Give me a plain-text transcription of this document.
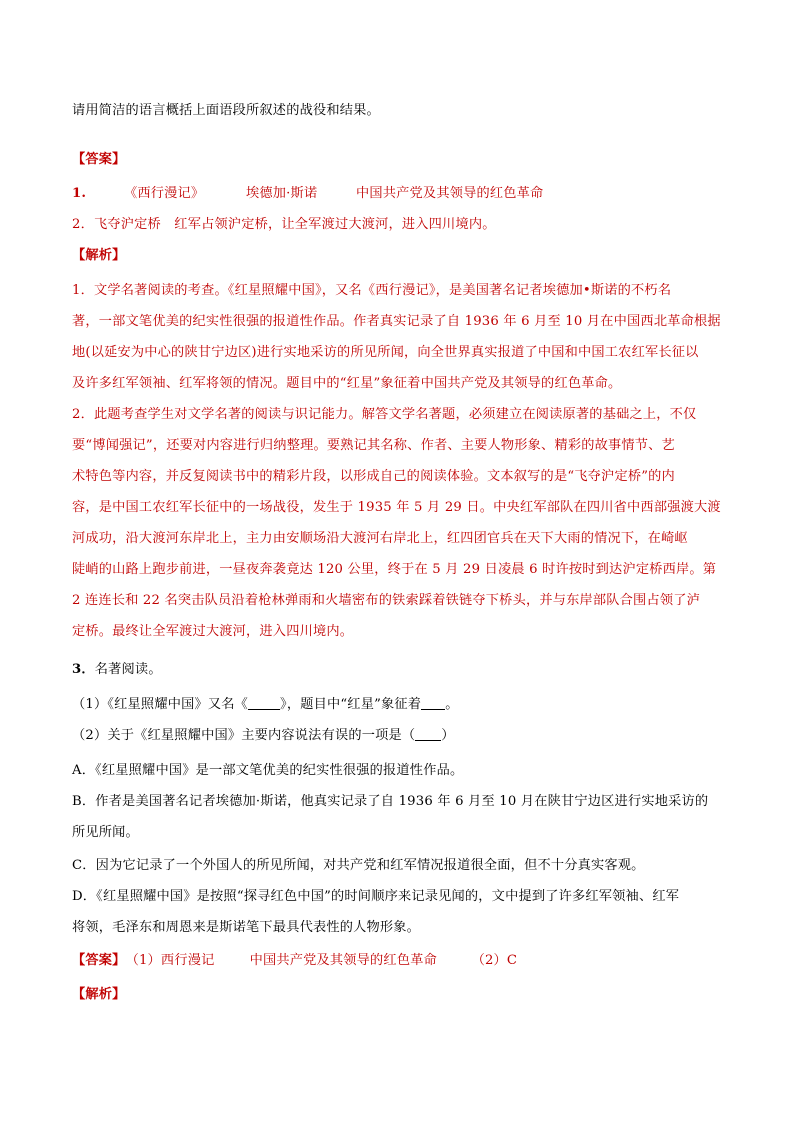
请用简洁的语言概括上面语段所叙述的战役和结果。
【答案】
1.	《西行漫记》	埃德加·斯诺	中国共产党及其领导的红色革命
2．飞夺沪定桥　红军占领沪定桥，让全军渡过大渡河，进入四川境内。
【解析】
1．文学名著阅读的考查。《红星照耀中国》，又名《西行漫记》，是美国著名记者埃德加•斯诺的不朽名
著，一部文笔优美的纪实性很强的报道性作品。作者真实记录了自 1936 年 6 月至 10 月在中国西北革命根据
地(以延安为中心的陕甘宁边区)进行实地采访的所见所闻，向全世界真实报道了中国和中国工农红军长征以
及许多红军领袖、红军将领的情况。题目中的“红星”象征着中国共产党及其领导的红色革命。
2．此题考查学生对文学名著的阅读与识记能力。解答文学名著题，必须建立在阅读原著的基础之上，不仅
要“博闻强记”，还要对内容进行归纳整理。要熟记其名称、作者、主要人物形象、精彩的故事情节、艺
术特色等内容，并反复阅读书中的精彩片段，以形成自己的阅读体验。文本叙写的是“飞夺沪定桥”的内
容，是中国工农红军长征中的一场战役，发生于 1935 年 5 月 29 日。中央红军部队在四川省中西部强渡大渡
河成功，沿大渡河东岸北上，主力由安顺场沿大渡河右岸北上，红四团官兵在天下大雨的情况下，在崎岖
陡峭的山路上跑步前进，一昼夜奔袭竟达 120 公里，终于在 5 月 29 日凌晨 6 时许按时到达沪定桥西岸。第
2 连连长和 22 名突击队员沿着枪林弹雨和火墙密布的铁索踩着铁链夺下桥头，并与东岸部队合围占领了泸
定桥。最终让全军渡过大渡河，进入四川境内。
3．名著阅读。
（1）《红星照耀中国》又名《 》，题目中“红星”象征着 。
（2）关于《红星照耀中国》主要内容说法有误的一项是（ ）
A．《红星照耀中国》是一部文笔优美的纪实性很强的报道性作品。
B．作者是美国著名记者埃德加·斯诺，他真实记录了自 1936 年 6 月至 10 月在陕甘宁边区进行实地采访的
所见所闻。
C．因为它记录了一个外国人的所见所闻，对共产党和红军情况报道很全面，但不十分真实客观。
D．《红星照耀中国》是按照“探寻红色中国”的时间顺序来记录见闻的，文中提到了许多红军领袖、红军
将领，毛泽东和周恩来是斯诺笔下最具代表性的人物形象。
【答案】（1）西行漫记	中国共产党及其领导的红色革命	（2）C
【解析】
